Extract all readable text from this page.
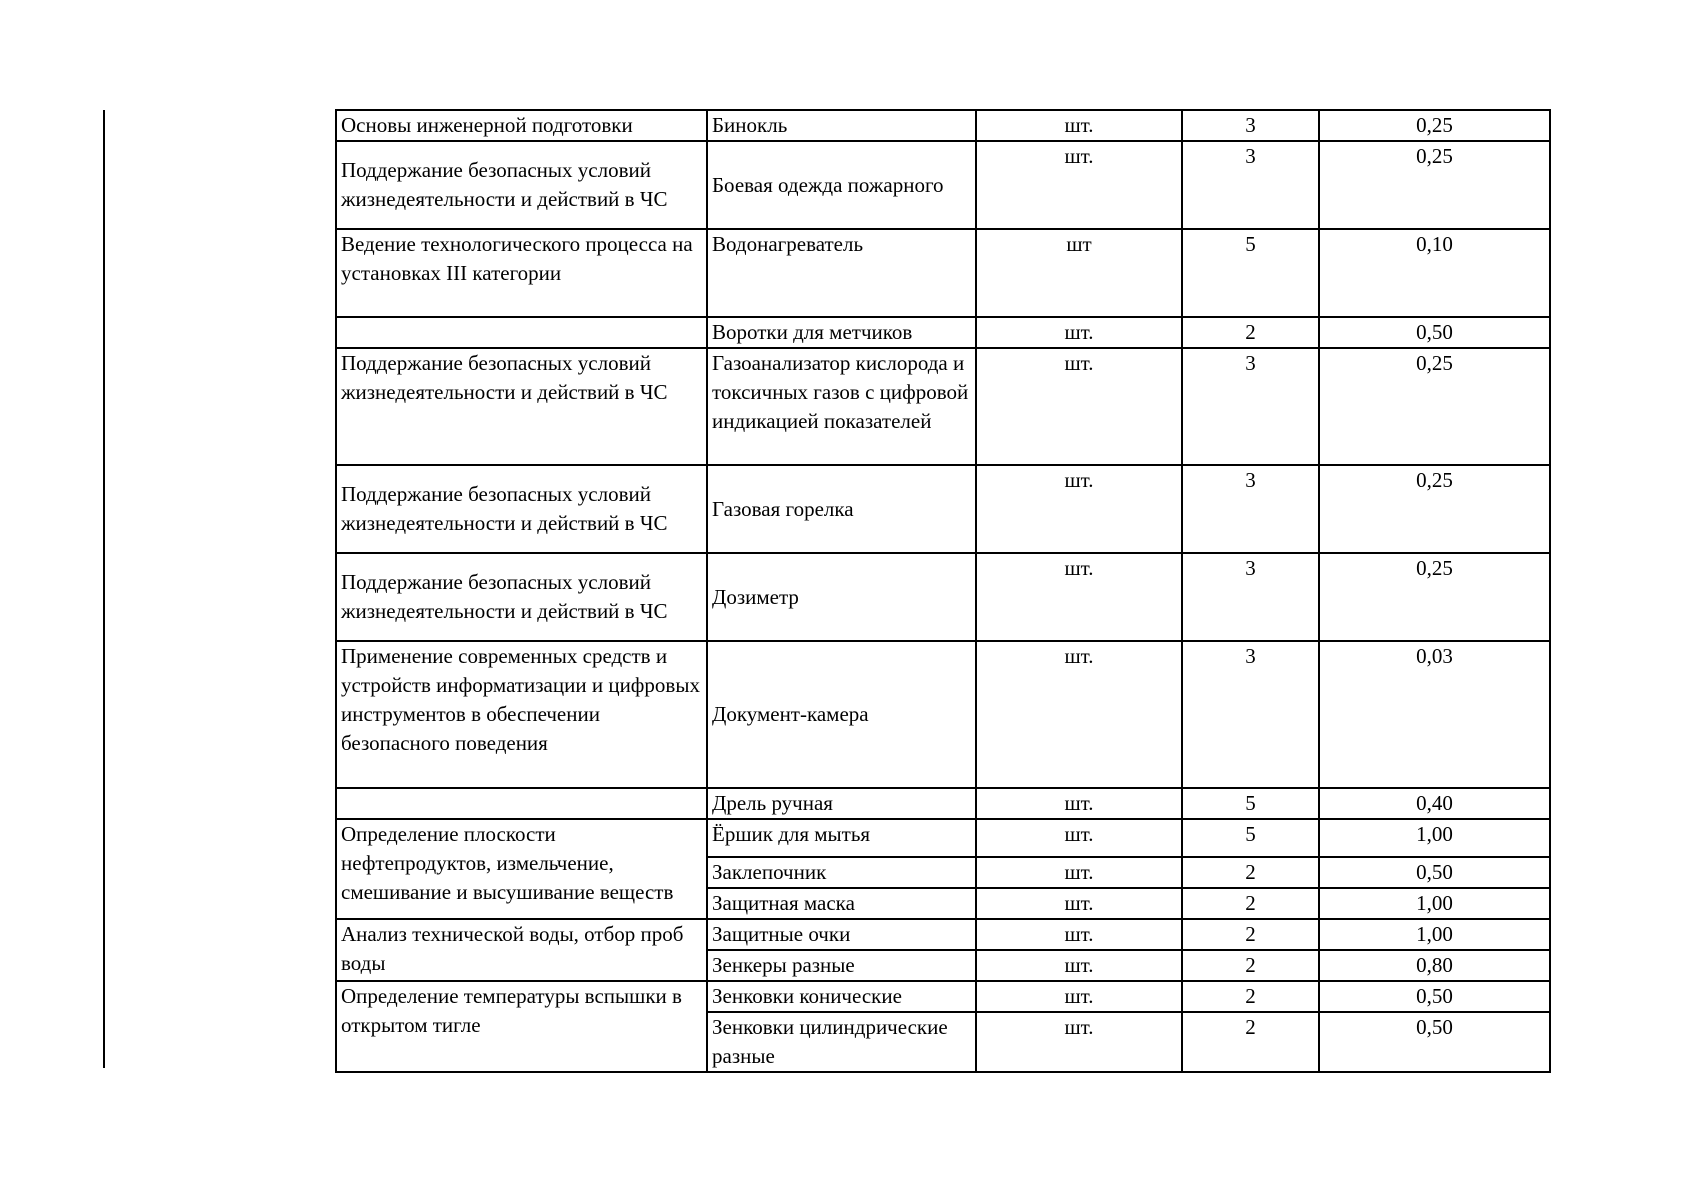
Основы инженерной подготовки	Бинокль	шт.	3	0,25
Поддержание безопасных условий жизнедеятельности и действий в ЧС	Боевая одежда пожарного	шт.	3	0,25
Ведение технологического процесса на установках III категории	Водонагреватель	шт	5	0,10
	Воротки для метчиков	шт.	2	0,50
Поддержание безопасных условий жизнедеятельности и действий в ЧС	Газоанализатор кислорода и токсичных газов с цифровой индикацией показателей	шт.	3	0,25
Поддержание безопасных условий жизнедеятельности и действий в ЧС	Газовая горелка	шт.	3	0,25
Поддержание безопасных условий жизнедеятельности и действий в ЧС	Дозиметр	шт.	3	0,25
Применение современных средств и устройств информатизации и цифровых инструментов в обеспечении безопасного поведения	Документ-камера	шт.	3	0,03
	Дрель ручная	шт.	5	0,40
Определение плоскости нефтепродуктов, измельчение, смешивание и высушивание веществ	Ёршик для мытья	шт.	5	1,00
	Заклепочник	шт.	2	0,50
	Защитная маска	шт.	2	1,00
Анализ технической воды, отбор проб воды	Защитные очки	шт.	2	1,00
	Зенкеры разные	шт.	2	0,80
Определение температуры вспышки в открытом тигле	Зенковки конические	шт.	2	0,50
	Зенковки цилиндрические разные	шт.	2	0,50
